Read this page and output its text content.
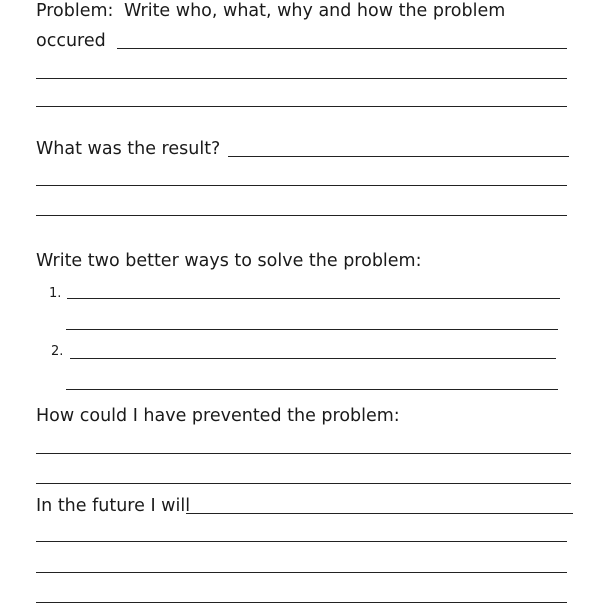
Problem: Write who, what, why and how the problem
occured
What was the result?
Write two better ways to solve the problem:
1.
2.
How could I have prevented the problem:
In the future I will
